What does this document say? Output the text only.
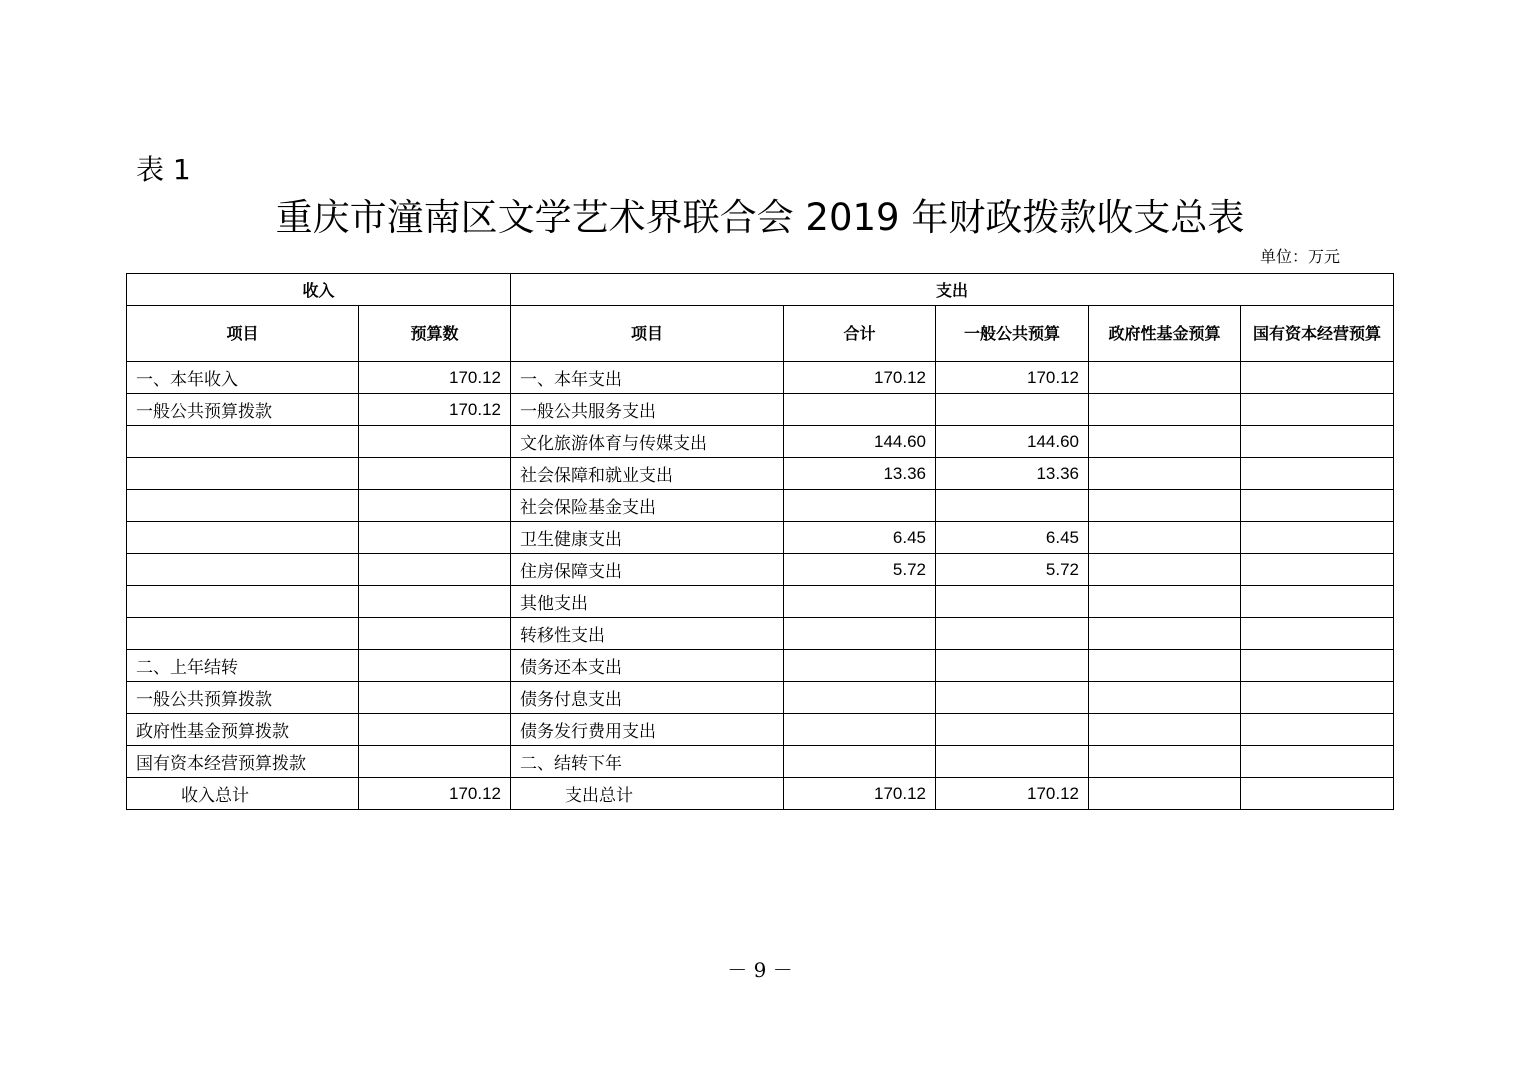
表 1
重庆市潼南区文学艺术界联合会 2019 年财政拨款收支总表
单位：万元
收入		支出				
项目	预算数	项目	合计	一般公共预算	政府性基金预算	国有资本经营预算
一、本年收入	170.12	一、本年支出	170.12	170.12		
一般公共预算拨款	170.12	一般公共服务支出				
		文化旅游体育与传媒支出	144.60	144.60		
		社会保障和就业支出	13.36	13.36		
		社会保险基金支出				
		卫生健康支出	6.45	6.45		
		住房保障支出	5.72	5.72		
		其他支出				
		转移性支出				
二、上年结转		债务还本支出				
一般公共预算拨款		债务付息支出				
政府性基金预算拨款		债务发行费用支出				
国有资本经营预算拨款		二、结转下年				
收入总计	170.12	支出总计	170.12	170.12		
－ 9 －
